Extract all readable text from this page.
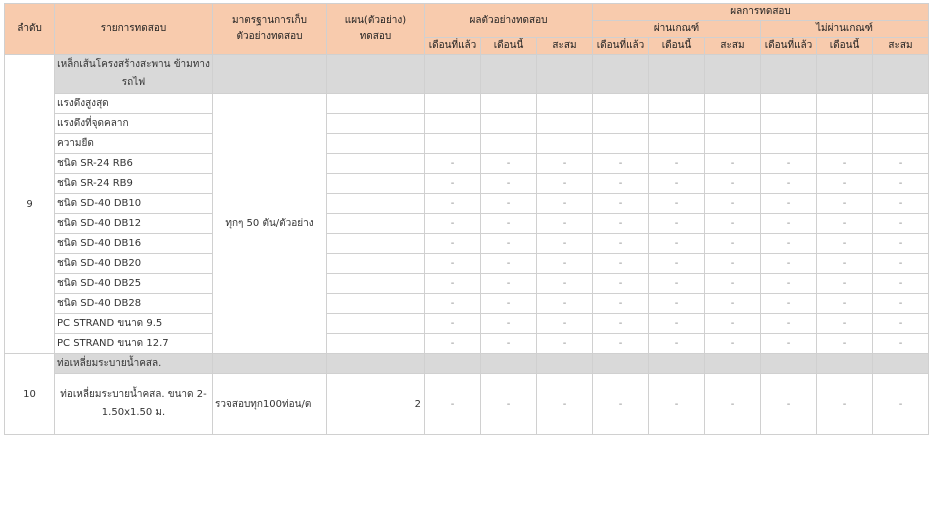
ลำดับ	รายการทดสอบ	มาตรฐานการเก็บ ตัวอย่างทดสอบ	แผน(ตัวอย่าง) ทดสอบ	ผลตัวอย่างทดสอบ			ผลการทดสอบ					
							ผ่านเกณฑ์			ไม่ผ่านเกณฑ์		
				เดือนที่แล้ว	เดือนนี้	สะสม	เดือนที่แล้ว	เดือนนี้	สะสม	เดือนที่แล้ว	เดือนนี้	สะสม
9	เหล็กเส้นโครงสร้างสะพาน ข้ามทางรถไฟ											
	แรงดึงสูงสุด	ทุกๆ 50 ตัน/ตัวอย่าง										
	แรงดึงที่จุดคลาก											
	ความยืด											
	ชนิด SR-24 RB6			-	-	-	-	-	-	-	-	-
	ชนิด SR-24 RB9			-	-	-	-	-	-	-	-	-
	ชนิด SD-40 DB10			-	-	-	-	-	-	-	-	-
	ชนิด SD-40 DB12			-	-	-	-	-	-	-	-	-
	ชนิด SD-40 DB16			-	-	-	-	-	-	-	-	-
	ชนิด SD-40 DB20			-	-	-	-	-	-	-	-	-
	ชนิด SD-40 DB25			-	-	-	-	-	-	-	-	-
	ชนิด SD-40 DB28			-	-	-	-	-	-	-	-	-
	PC STRAND ขนาด 9.5			-	-	-	-	-	-	-	-	-
	PC STRAND ขนาด 12.7			-	-	-	-	-	-	-	-	-
10	ท่อเหลี่ยมระบายน้ำคสล.											
	ท่อเหลี่ยมระบายน้ำคสล. ขนาด 2-1.50x1.50 ม.	รวจสอบทุก100ท่อน/ต	2	-	-	-	-	-	-	-	-	-
